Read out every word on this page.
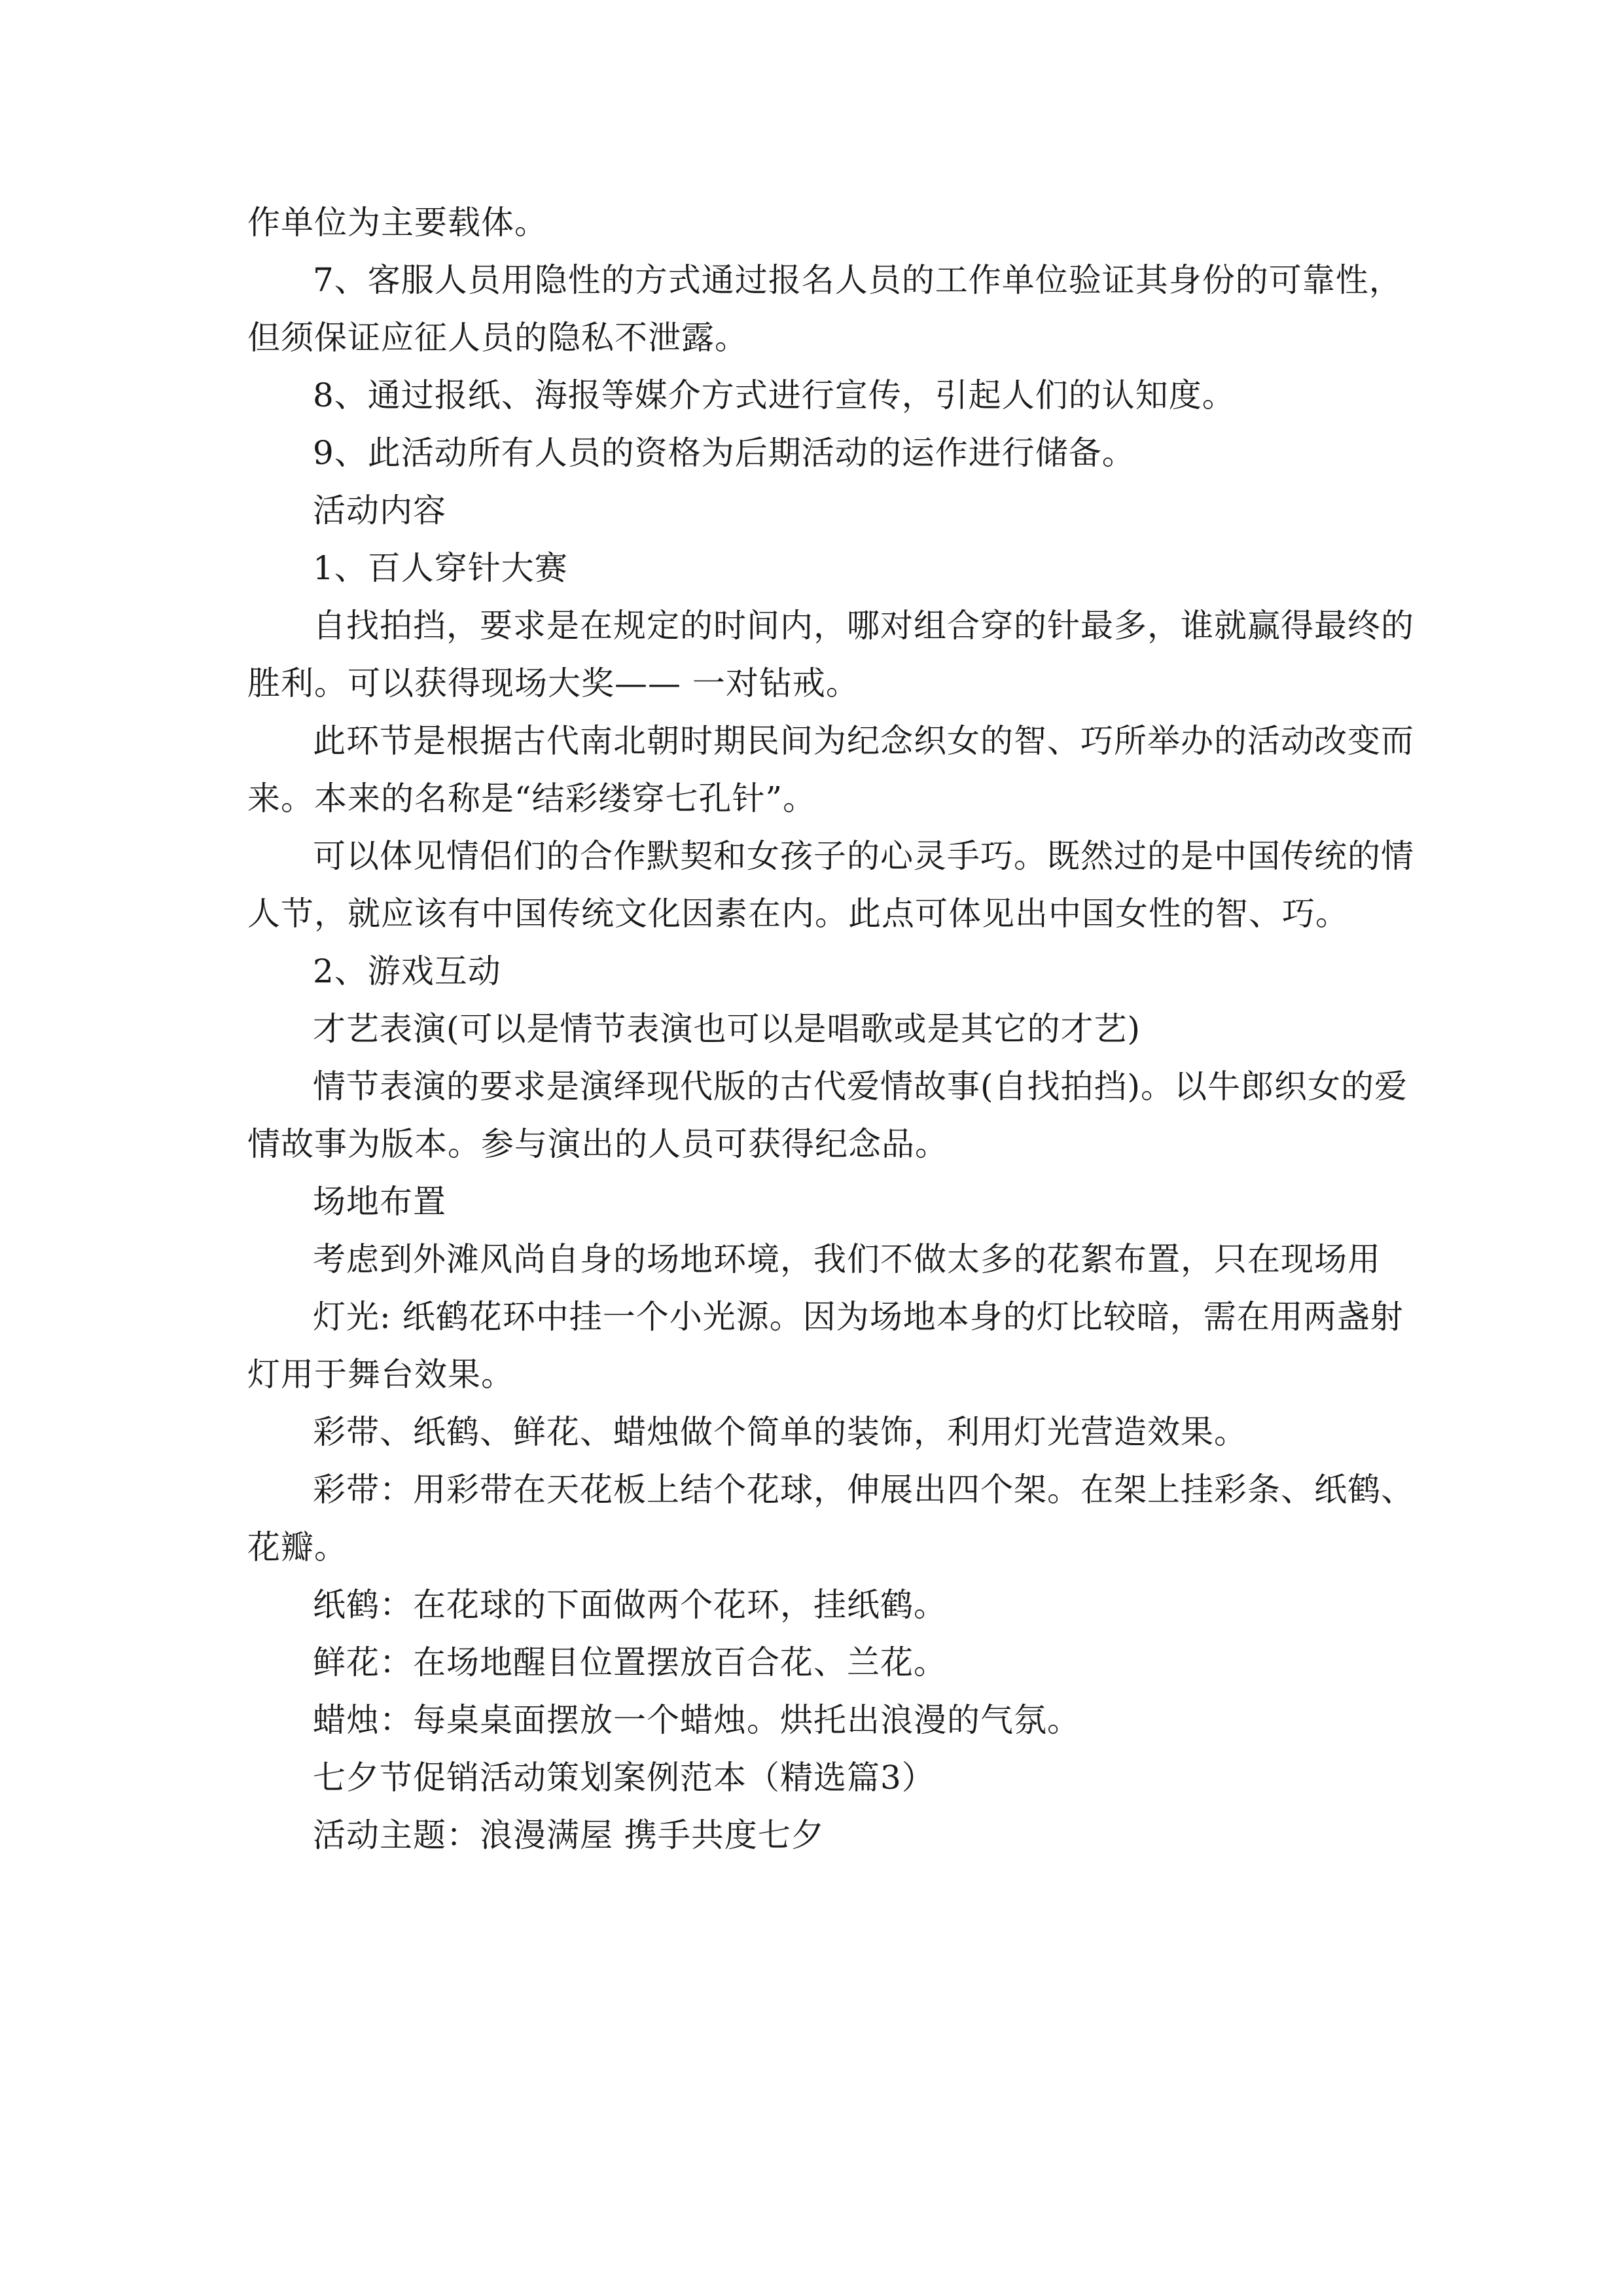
作单位为主要载体。
7、客服人员用隐性的方式通过报名人员的工作单位验证其身份的可靠性，
但须保证应征人员的隐私不泄露。
8、通过报纸、海报等媒介方式进行宣传，引起人们的认知度。
9、此活动所有人员的资格为后期活动的运作进行储备。
活动内容
1、百人穿针大赛
自找拍挡，要求是在规定的时间内，哪对组合穿的针最多，谁就赢得最终的
胜利。可以获得现场大奖—— 一对钻戒。
此环节是根据古代南北朝时期民间为纪念织女的智、巧所举办的活动改变而
来。本来的名称是“结彩缕穿七孔针”。
可以体见情侣们的合作默契和女孩子的心灵手巧。既然过的是中国传统的情
人节，就应该有中国传统文化因素在内。此点可体见出中国女性的智、巧。
2、游戏互动
才艺表演(可以是情节表演也可以是唱歌或是其它的才艺)
情节表演的要求是演绎现代版的古代爱情故事(自找拍挡)。以牛郎织女的爱
情故事为版本。参与演出的人员可获得纪念品。
场地布置
考虑到外滩风尚自身的场地环境，我们不做太多的花絮布置，只在现场用
灯光: 纸鹤花环中挂一个小光源。因为场地本身的灯比较暗，需在用两盏射
灯用于舞台效果。
彩带、纸鹤、鲜花、蜡烛做个简单的装饰，利用灯光营造效果。
彩带：用彩带在天花板上结个花球，伸展出四个架。在架上挂彩条、纸鹤、
花瓣。
纸鹤：在花球的下面做两个花环，挂纸鹤。
鲜花：在场地醒目位置摆放百合花、兰花。
蜡烛：每桌桌面摆放一个蜡烛。烘托出浪漫的气氛。
七夕节促销活动策划案例范本（精选篇3）
活动主题：浪漫满屋 携手共度七夕
